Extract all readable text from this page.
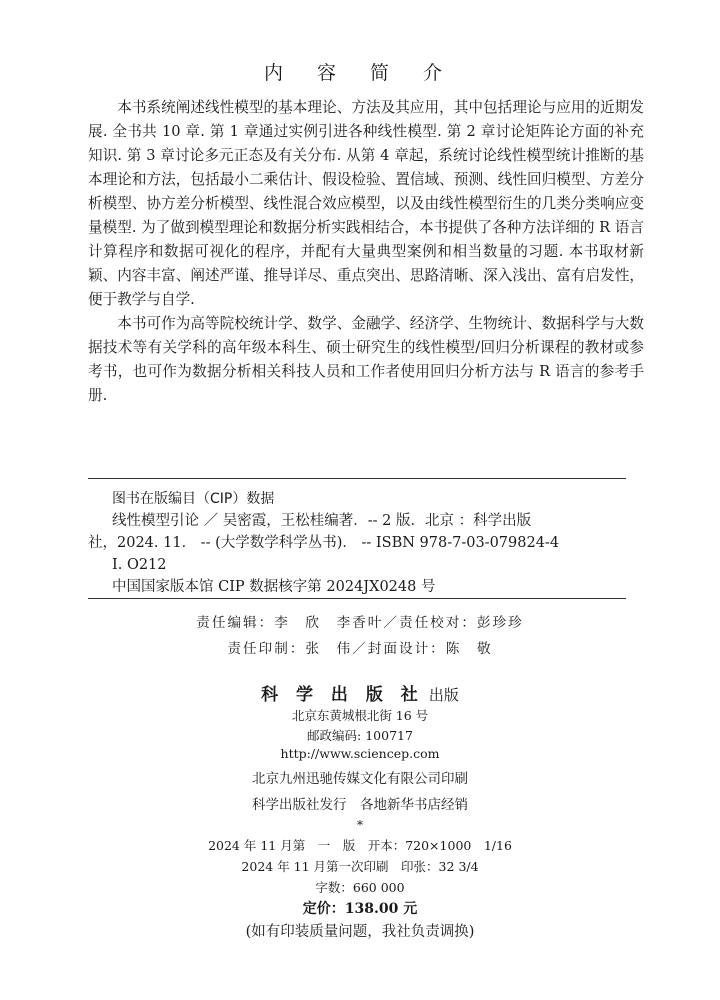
内 容 简 介

本书系统阐述线性模型的基本理论、方法及其应用，其中包括理论与应用的近期发展. 全书共 10 章. 第 1 章通过实例引进各种线性模型. 第 2 章讨论矩阵论方面的补充知识. 第 3 章讨论多元正态及有关分布. 从第 4 章起，系统讨论线性模型统计推断的基本理论和方法，包括最小二乘估计、假设检验、置信域、预测、线性回归模型、方差分析模型、协方差分析模型、线性混合效应模型，以及由线性模型衍生的几类分类响应变量模型. 为了做到模型理论和数据分析实践相结合，本书提供了各种方法详细的 R 语言计算程序和数据可视化的程序，并配有大量典型案例和相当数量的习题. 本书取材新颖、内容丰富、阐述严谨、推导详尽、重点突出、思路清晰、深入浅出、富有启发性，便于教学与自学.

本书可作为高等院校统计学、数学、金融学、经济学、生物统计、数据科学与大数据技术等有关学科的高年级本科生、硕士研究生的线性模型/回归分析课程的教材或参考书，也可作为数据分析相关科技人员和工作者使用回归分析方法与 R 语言的参考手册.

图书在版编目（CIP）数据
线性模型引论 ／ 吴密霞，王松桂编著．-- 2 版．北京 ：科学出版
社，2024. 11． -- (大学数学科学丛书)． -- ISBN 978-7-03-079824-4
I. O212
中国国家版本馆 CIP 数据核字第 2024JX0248 号
责任编辑：李　欣　李香叶／责任校对：彭珍珍
责任印制：张　伟／封面设计：陈　敬
科 学 出 版 社 出版
北京东黄城根北街 16 号
邮政编码: 100717
http://www.sciencep.com
北京九州迅驰传媒文化有限公司印刷
科学出版社发行　各地新华书店经销
*
2024 年 11 月第　一　版　开本：720×1000　1/16
2024 年 11 月第一次印刷　印张：32 3/4
字数：660 000
定价：138.00 元
(如有印装质量问题，我社负责调换)
